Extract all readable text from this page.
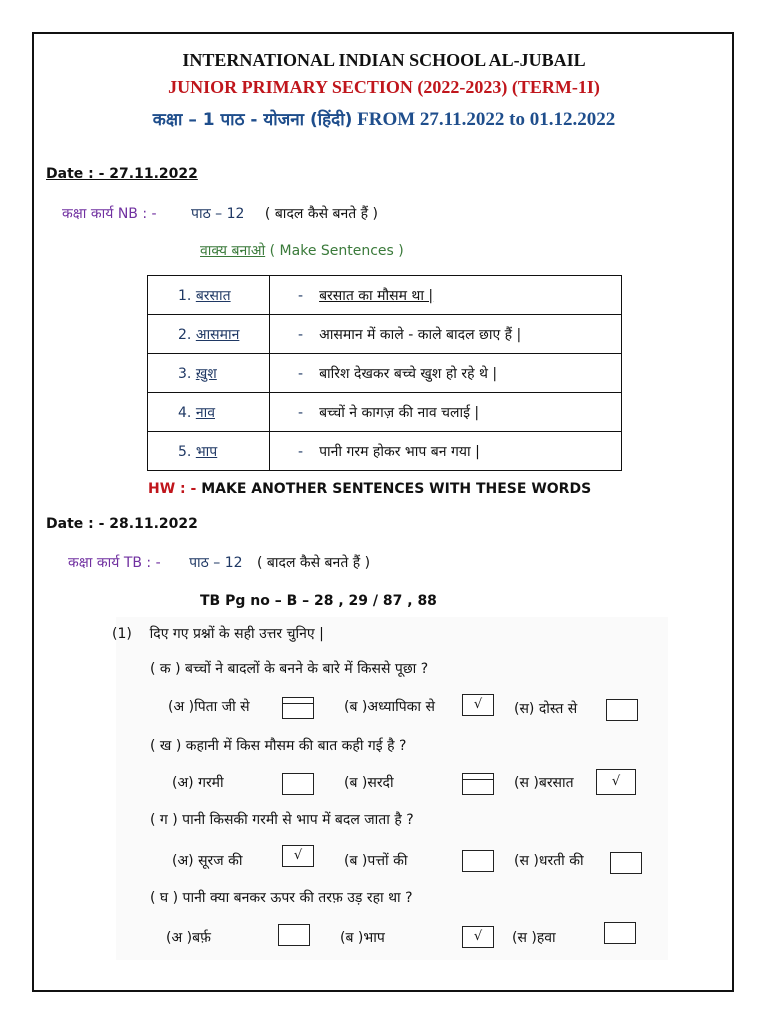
INTERNATIONAL INDIAN SCHOOL AL-JUBAIL
JUNIOR PRIMARY SECTION (2022-2023) (TERM-1I)
कक्षा – 1 पाठ - योजना (हिंदी) FROM 27.11.2022 to 01.12.2022
Date : - 27.11.2022
कक्षा कार्य NB : - पाठ – 12 ( बादल कैसे बनते हैं )
वाक्य बनाओ ( Make Sentences )
1. बरसात	- बरसात का मौसम था |
2. आसमान	- आसमान में काले - काले बादल छाए हैं |
3. ख़ुश	- बारिश देखकर बच्चे खुश हो रहे थे |
4. नाव	- बच्चों ने कागज़ की नाव चलाई |
5. भाप	- पानी गरम होकर भाप बन गया |
HW : - MAKE ANOTHER SENTENCES WITH THESE WORDS
Date : - 28.11.2022
कक्षा कार्य TB : - पाठ – 12 ( बादल कैसे बनते हैं )
TB Pg no – B – 28 , 29 / 87 , 88
(1)    दिए गए प्रश्नों के सही उत्तर चुनिए |
( क ) बच्चों ने बादलों के बनने के बारे में किससे पूछा ?
(अ )पिता जी से	(ब )अध्यापिका से	√	(स) दोस्त से
( ख ) कहानी में किस मौसम की बात कही गई है ?
(अ) गरमी	(ब )सरदी	(स )बरसात	√
( ग ) पानी किसकी गरमी से भाप में बदल जाता है ?
(अ) सूरज की	√	(ब )पत्तों की	(स )धरती की
( घ ) पानी क्या बनकर ऊपर की तरफ़ उड़ रहा था ?
(अ )बर्फ़	(ब )भाप	√	(स )हवा
